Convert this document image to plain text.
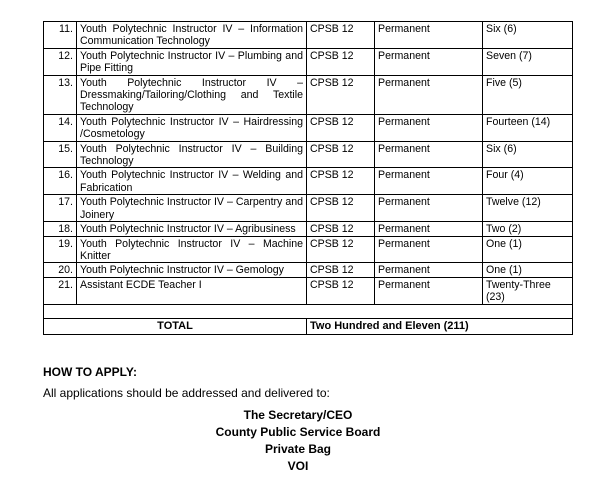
11.	Youth Polytechnic Instructor IV – Information Communication Technology	CPSB 12	Permanent	Six (6)
12.	Youth Polytechnic Instructor IV – Plumbing and Pipe Fitting	CPSB 12	Permanent	Seven (7)
13.	Youth Polytechnic Instructor IV – Dressmaking/Tailoring/Clothing and Textile Technology	CPSB 12	Permanent	Five (5)
14.	Youth Polytechnic Instructor IV – Hairdressing /Cosmetology	CPSB 12	Permanent	Fourteen (14)
15.	Youth Polytechnic Instructor IV – Building Technology	CPSB 12	Permanent	Six (6)
16.	Youth Polytechnic Instructor IV – Welding and Fabrication	CPSB 12	Permanent	Four (4)
17.	Youth Polytechnic Instructor IV – Carpentry and Joinery	CPSB 12	Permanent	Twelve (12)
18.	Youth Polytechnic Instructor IV – Agribusiness	CPSB 12	Permanent	Two (2)
19.	Youth Polytechnic Instructor IV – Machine Knitter	CPSB 12	Permanent	One (1)
20.	Youth Polytechnic Instructor IV – Gemology	CPSB 12	Permanent	One (1)
21.	Assistant ECDE Teacher I	CPSB 12	Permanent	Twenty-Three (23)

TOTAL		Two Hundred and Eleven (211)		
HOW TO APPLY:
All applications should be addressed and delivered to:
The Secretary/CEO
County Public Service Board
Private Bag
VOI
